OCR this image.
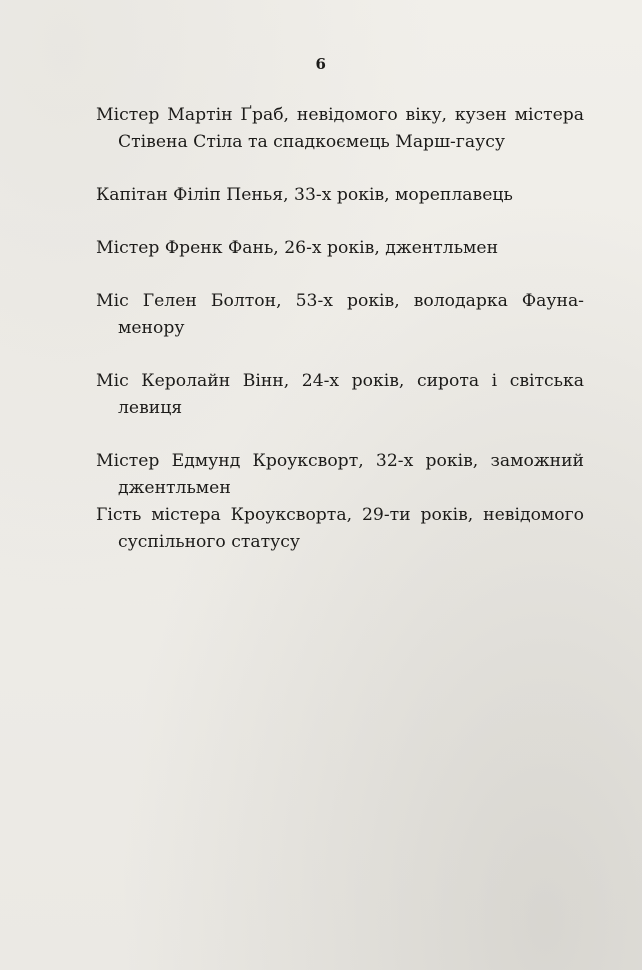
6
Містер Мартін Ґраб, невідомого віку, кузен містера Стівена Стіла та спадкоємець Марш-гаусу
Капітан Філіп Пенья, 33-х років, мореплавець
Містер Френк Фань, 26-х років, джентльмен
Міс Гелен Болтон, 53-х років, володарка Фауна-менору
Міс Керолайн Вінн, 24-х років, сирота і світська левиця
Містер Едмунд Кроуксворт, 32-х років, заможний джентльмен
Гість містера Кроуксворта, 29-ти років, невідомого суспільного статусу
